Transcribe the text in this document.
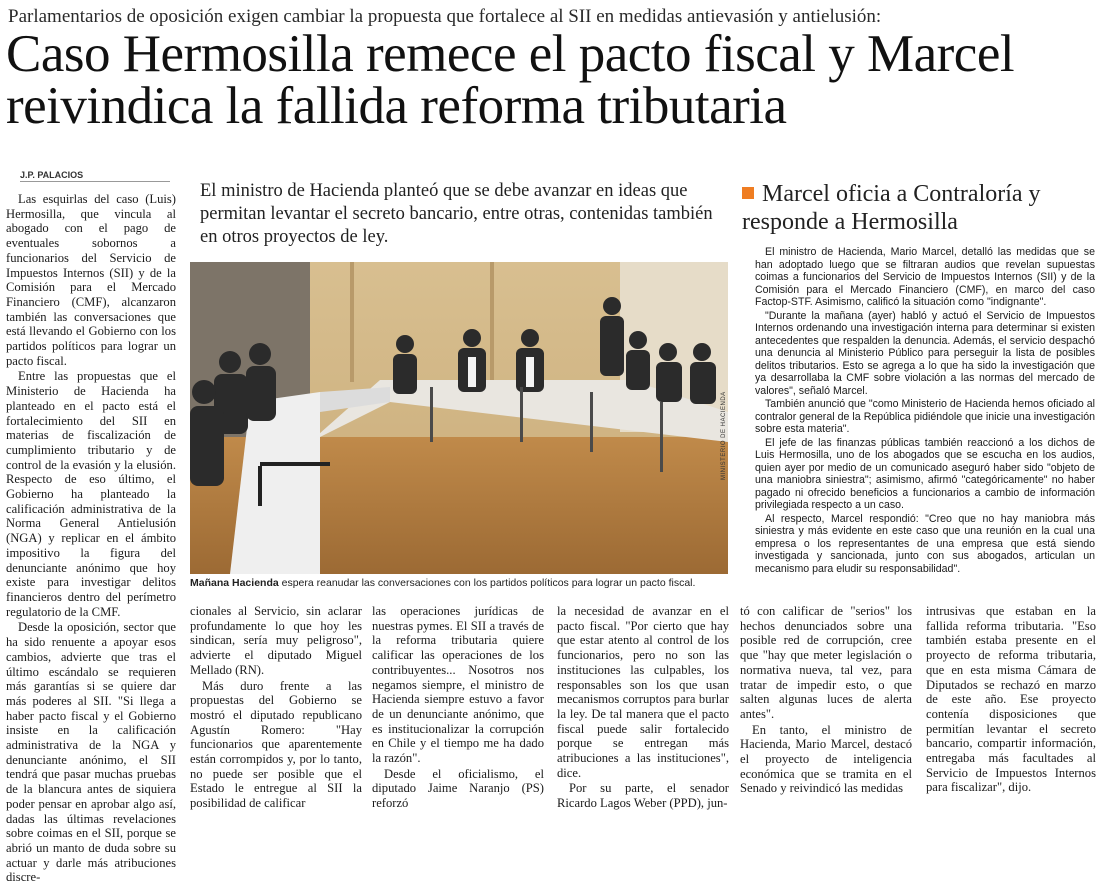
Parlamentarios de oposición exigen cambiar la propuesta que fortalece al SII en medidas antievasión y antielusión:
Caso Hermosilla remece el pacto fiscal y Marcel reivindica la fallida reforma tributaria
J.P. PALACIOS

Las esquirlas del caso (Luis) Hermosilla, que vincula al abogado con el pago de eventuales sobornos a funcionarios del Servicio de Impuestos Internos (SII) y de la Comisión para el Mercado Financiero (CMF), alcanzaron también las conversaciones que está llevando el Gobierno con los partidos políticos para lograr un pacto fiscal.

Entre las propuestas que el Ministerio de Hacienda ha planteado en el pacto está el fortalecimiento del SII en materias de fiscalización de cumplimiento tributario y de control de la evasión y la elusión. Respecto de eso último, el Gobierno ha planteado la calificación administrativa de la Norma General Antielusión (NGA) y replicar en el ámbito impositivo la figura del denunciante anónimo que hoy existe para investigar delitos financieros dentro del perímetro regulatorio de la CMF.

Desde la oposición, sector que ha sido renuente a apoyar esos cambios, advierte que tras el último escándalo se requieren más garantías si se quiere dar más poderes al SII. "Si llega a haber pacto fiscal y el Gobierno insiste en la calificación administrativa de la NGA y denunciante anónimo, el SII tendrá que pasar muchas pruebas de la blancura antes de siquiera poder pensar en aprobar algo así, dadas las últimas revelaciones sobre coimas en el SII, porque se abrió un manto de duda sobre su actuar y darle más atribuciones discre-

El ministro de Hacienda planteó que se debe avanzar en ideas que permitan levantar el secreto bancario, entre otras, contenidas también en otros proyectos de ley.
MINISTERIO DE HACIENDA
Mañana Hacienda espera reanudar las conversaciones con los partidos políticos para lograr un pacto fiscal.
Marcel oficia a Contraloría y responde a Hermosilla

El ministro de Hacienda, Mario Marcel, detalló las medidas que se han adoptado luego que se filtraran audios que revelan supuestas coimas a funcionarios del Servicio de Impuestos Internos (SII) y de la Comisión para el Mercado Financiero (CMF), en marco del caso Factop-STF. Asimismo, calificó la situación como "indignante".

"Durante la mañana (ayer) habló y actuó el Servicio de Impuestos Internos ordenando una investigación interna para determinar si existen antecedentes que respalden la denuncia. Además, el servicio despachó una denuncia al Ministerio Público para perseguir la lista de posibles delitos tributarios. Esto se agrega a lo que ha sido la investigación que ya desarrollaba la CMF sobre violación a las normas del mercado de valores", señaló Marcel.

También anunció que "como Ministerio de Hacienda hemos oficiado al contralor general de la República pidiéndole que inicie una investigación sobre esta materia".

El jefe de las finanzas públicas también reaccionó a los dichos de Luis Hermosilla, uno de los abogados que se escucha en los audios, quien ayer por medio de un comunicado aseguró haber sido "objeto de una maniobra siniestra"; asimismo, afirmó "categóricamente" no haber pagado ni ofrecido beneficios a funcionarios a cambio de información privilegiada respecto a un caso.

Al respecto, Marcel respondió: "Creo que no hay maniobra más siniestra y más evidente en este caso que una reunión en la cual una empresa o los representantes de una empresa que está siendo investigada y sancionada, junto con sus abogados, articulan un mecanismo para eludir su responsabilidad".

cionales al Servicio, sin aclarar profundamente lo que hoy les sindican, sería muy peligroso", advierte el diputado Miguel Mellado (RN).

Más duro frente a las propuestas del Gobierno se mostró el diputado republicano Agustín Romero: "Hay funcionarios que aparentemente están corrompidos y, por lo tanto, no puede ser posible que el Estado le entregue al SII la posibilidad de calificar

las operaciones jurídicas de nuestras pymes. El SII a través de la reforma tributaria quiere calificar las operaciones de los contribuyentes... Nosotros nos negamos siempre, el ministro de Hacienda siempre estuvo a favor de un denunciante anónimo, que es institucionalizar la corrupción en Chile y el tiempo me ha dado la razón".

Desde el oficialismo, el diputado Jaime Naranjo (PS) reforzó

la necesidad de avanzar en el pacto fiscal. "Por cierto que hay que estar atento al control de los funcionarios, pero no son las instituciones las culpables, los responsables son los que usan mecanismos corruptos para burlar la ley. De tal manera que el pacto fiscal puede salir fortalecido porque se entregan más atribuciones a las instituciones", dice.

Por su parte, el senador Ricardo Lagos Weber (PPD), jun-

tó con calificar de "serios" los hechos denunciados sobre una posible red de corrupción, cree que "hay que meter legislación o normativa nueva, tal vez, para tratar de impedir esto, o que salten algunas luces de alerta antes".

En tanto, el ministro de Hacienda, Mario Marcel, destacó el proyecto de inteligencia económica que se tramita en el Senado y reivindicó las medidas

intrusivas que estaban en la fallida reforma tributaria. "Eso también estaba presente en el proyecto de reforma tributaria, que en esta misma Cámara de Diputados se rechazó en marzo de este año. Ese proyecto contenía disposiciones que permitían levantar el secreto bancario, compartir información, entregaba más facultades al Servicio de Impuestos Internos para fiscalizar", dijo.
